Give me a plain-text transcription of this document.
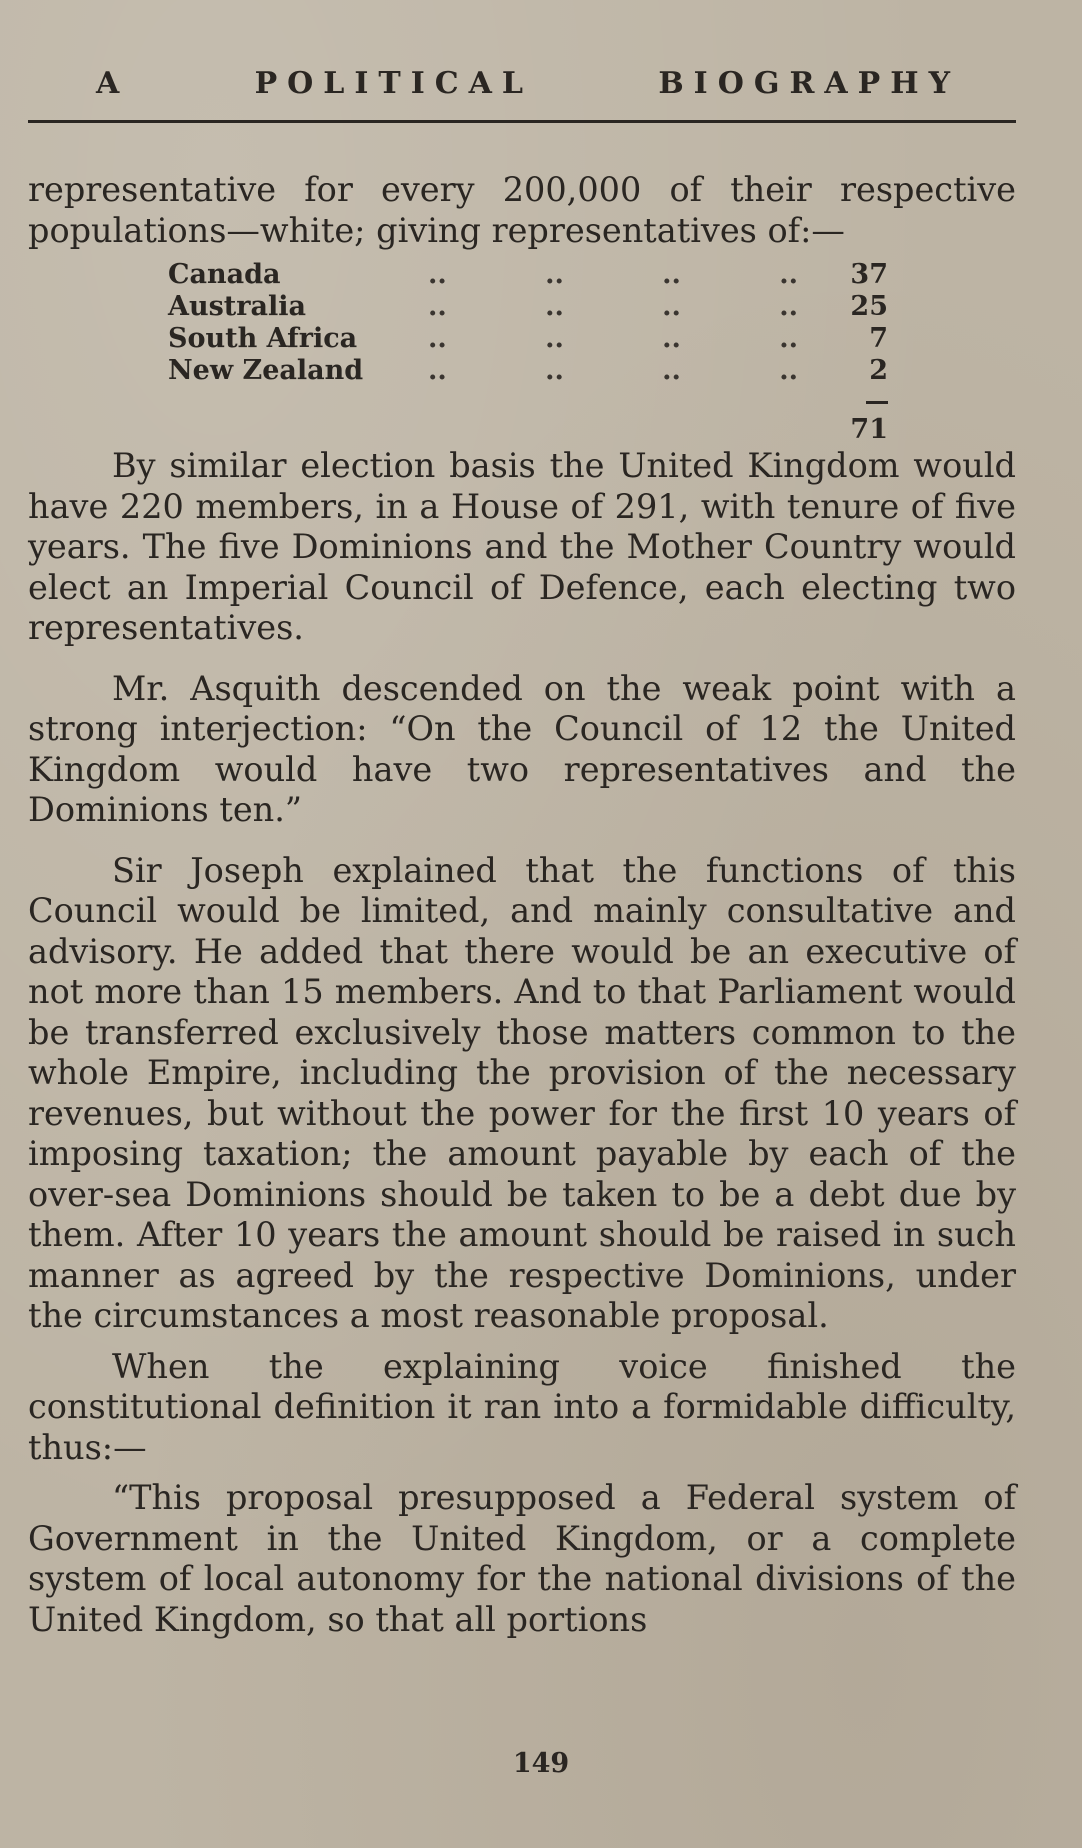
A	POLITICAL	BIOGRAPHY

representative for every 200,000 of their respective populations—white; giving representatives of:—

Canada	..	..	..	..	37
Australia	..	..	..	..	25
South Africa	..	..	..	..	7
New Zealand	..	..	..	..	2
71

By similar election basis the United Kingdom would have 220 members, in a House of 291, with tenure of five years. The five Dominions and the Mother Country would elect an Imperial Council of Defence, each electing two representatives.

Mr. Asquith descended on the weak point with a strong interjection: “On the Council of 12 the United Kingdom would have two representatives and the Dominions ten.”

Sir Joseph explained that the functions of this Council would be limited, and mainly consultative and advisory. He added that there would be an executive of not more than 15 members. And to that Parliament would be transferred exclusively those matters common to the whole Empire, including the provision of the necessary revenues, but without the power for the first 10 years of imposing taxation; the amount payable by each of the over-sea Dominions should be taken to be a debt due by them. After 10 years the amount should be raised in such manner as agreed by the respective Dominions, under the circumstances a most reasonable proposal.

When the explaining voice finished the constitutional definition it ran into a formidable difficulty, thus:—

“This proposal presupposed a Federal system of Government in the United Kingdom, or a complete system of local autonomy for the national divisions of the United Kingdom, so that all portions

149
